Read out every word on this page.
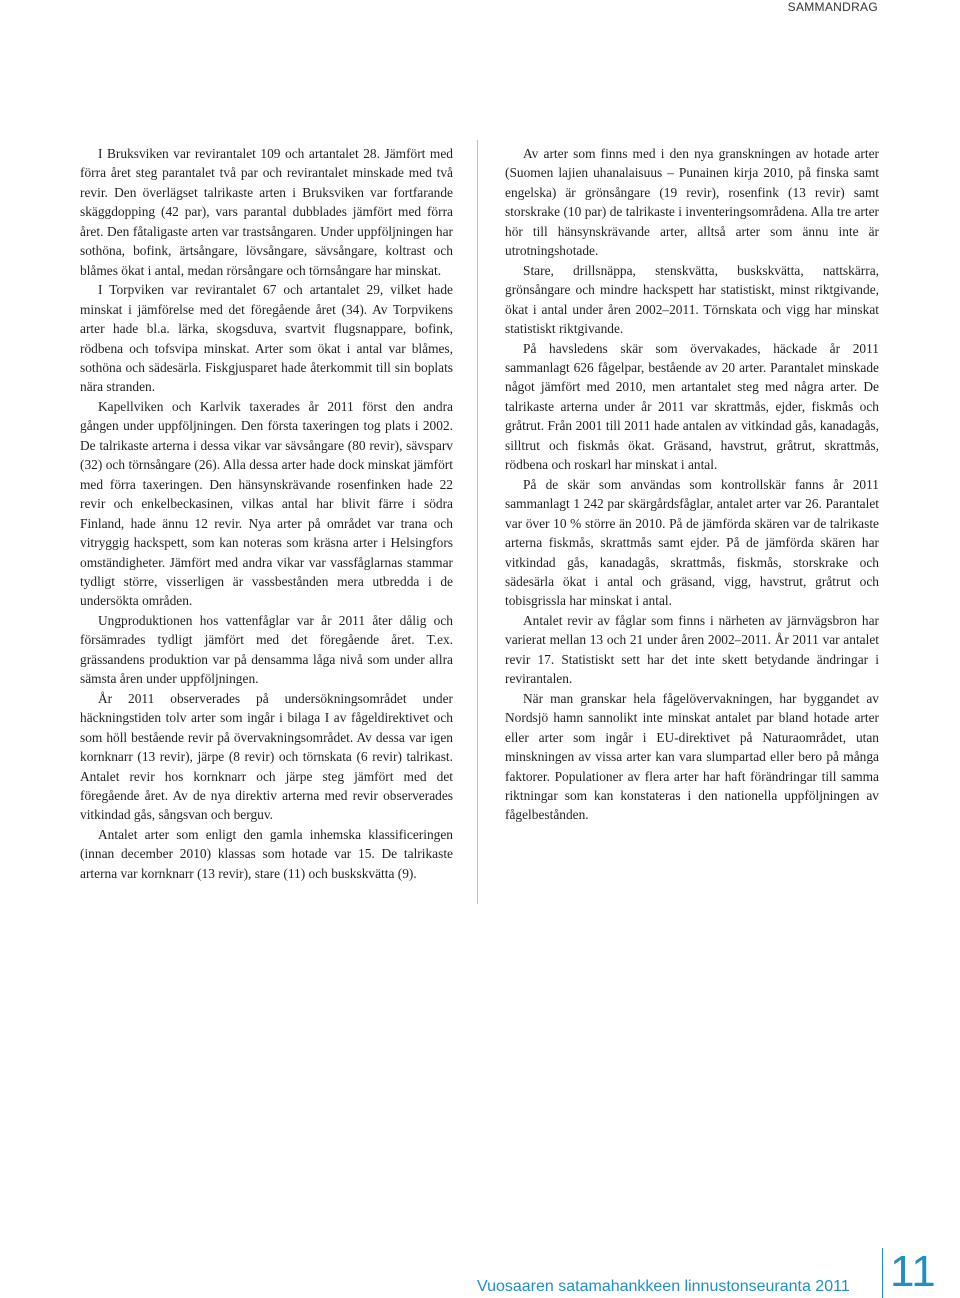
SAMMANDRAG

I Bruksviken var revirantalet 109 och artantalet 28. Jämfört med förra året steg parantalet två par och revirantalet minskade med två revir. Den överlägset talrikaste arten i Bruksviken var fortfarande skäggdopping (42 par), vars parantal dubblades jämfört med förra året. Den fåtaligaste arten var trastsångaren. Under uppföljningen har sothöna, bofink, ärtsångare, lövsångare, sävsångare, koltrast och blåmes ökat i antal, medan rörsångare och törnsångare har minskat.

I Torpviken var revirantalet 67 och artantalet 29, vilket hade minskat i jämförelse med det föregående året (34). Av Torpvikens arter hade bl.a. lärka, skogsduva, svartvit flugsnappare, bofink, rödbena och tofsvipa minskat. Arter som ökat i antal var blåmes, sothöna och sädesärla. Fiskgjusparet hade återkommit till sin boplats nära stranden.

Kapellviken och Karlvik taxerades år 2011 först den andra gången under uppföljningen. Den första taxeringen tog plats i 2002. De talrikaste arterna i dessa vikar var sävsångare (80 revir), sävsparv (32) och törnsångare (26). Alla dessa arter hade dock minskat jämfört med förra taxeringen. Den hänsynskrävande rosenfinken hade 22 revir och enkelbeckasinen, vilkas antal har blivit färre i södra Finland, hade ännu 12 revir. Nya arter på området var trana och vitryggig hackspett, som kan noteras som kräsna arter i Helsingfors omständigheter. Jämfört med andra vikar var vassfåglarnas stammar tydligt större, visserligen är vassbestånden mera utbredda i de undersökta områden.

Ungproduktionen hos vattenfåglar var år 2011 åter dålig och försämrades tydligt jämfört med det föregående året. T.ex. grässandens produktion var på densamma låga nivå som under allra sämsta åren under uppföljningen.

År 2011 observerades på undersökningsområdet under häckningstiden tolv arter som ingår i bilaga I av fågeldirektivet och som höll bestående revir på övervakningsområdet. Av dessa var igen kornknarr (13 revir), järpe (8 revir) och törnskata (6 revir) talrikast. Antalet revir hos kornknarr och järpe steg jämfört med det föregående året. Av de nya direktiv arterna med revir observerades vitkindad gås, sångsvan och berguv.

Antalet arter som enligt den gamla inhemska klassificeringen (innan december 2010) klassas som hotade var 15. De talrikaste arterna var kornknarr (13 revir), stare (11) och buskskvätta (9).

Av arter som finns med i den nya granskningen av hotade arter (Suomen lajien uhanalaisuus – Punainen kirja 2010, på finska samt engelska) är grönsångare (19 revir), rosenfink (13 revir) samt storskrake (10 par) de talrikaste i inventeringsområdena. Alla tre arter hör till hänsynskrävande arter, alltså arter som ännu inte är utrotningshotade.

Stare, drillsnäppa, stenskvätta, buskskvätta, nattskärra, grönsångare och mindre hackspett har statistiskt, minst riktgivande, ökat i antal under åren 2002–2011. Törnskata och vigg har minskat statistiskt riktgivande.

På havsledens skär som övervakades, häckade år 2011 sammanlagt 626 fågelpar, bestående av 20 arter. Parantalet minskade något jämfört med 2010, men artantalet steg med några arter. De talrikaste arterna under år 2011 var skrattmås, ejder, fiskmås och gråtrut. Från 2001 till 2011 hade antalen av vitkindad gås, kanadagås, silltrut och fiskmås ökat. Gräsand, havstrut, gråtrut, skrattmås, rödbena och roskarl har minskat i antal.

På de skär som användas som kontrollskär fanns år 2011 sammanlagt 1 242 par skärgårdsfåglar, antalet arter var 26. Parantalet var över 10 % större än 2010. På de jämförda skären var de talrikaste arterna fiskmås, skrattmås samt ejder. På de jämförda skären har vitkindad gås, kanadagås, skrattmås, fiskmås, storskrake och sädesärla ökat i antal och gräsand, vigg, havstrut, gråtrut och tobisgrissla har minskat i antal.

Antalet revir av fåglar som finns i närheten av järnvägsbron har varierat mellan 13 och 21 under åren 2002–2011. År 2011 var antalet revir 17. Statistiskt sett har det inte skett betydande ändringar i revirantalen.

När man granskar hela fågelövervakningen, har byggandet av Nordsjö hamn sannolikt inte minskat antalet par bland hotade arter eller arter som ingår i EU-direktivet på Naturaområdet, utan minskningen av vissa arter kan vara slumpartad eller bero på många faktorer. Populationer av flera arter har haft förändringar till samma riktningar som kan konstateras i den nationella uppföljningen av fågelbestånden.

Vuosaaren satamahankkeen linnustonseuranta 2011 11
